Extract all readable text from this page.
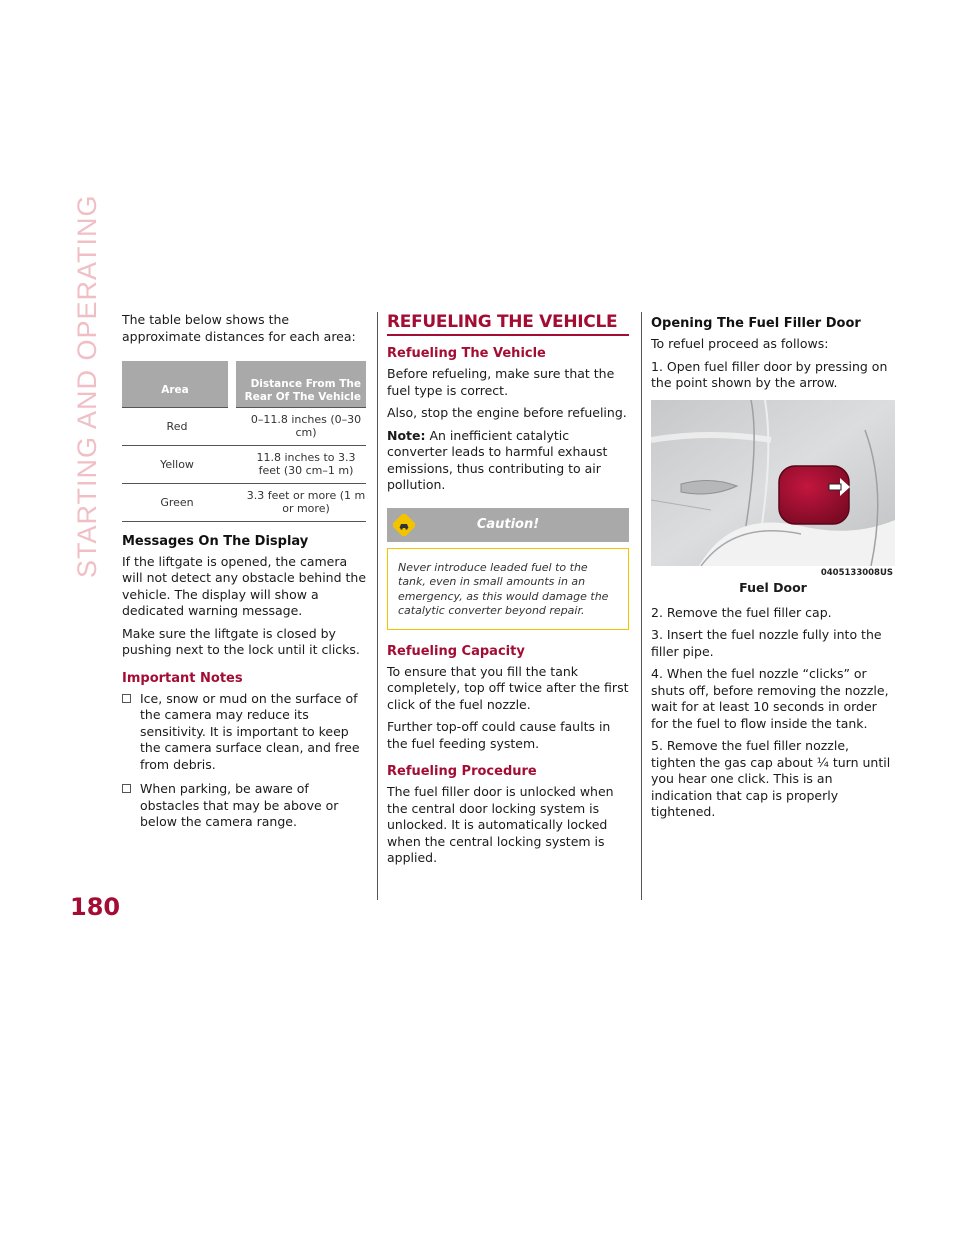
STARTING AND OPERATING
180

The table below shows the approximate distances for each area:

Area	Distance From The Rear Of The Vehicle
Red	0–11.8 inches (0–30 cm)
Yellow	11.8 inches to 3.3 feet (30 cm–1 m)
Green	3.3 feet or more (1 m or more)
Messages On The Display

If the liftgate is opened, the camera will not detect any obstacle behind the vehicle. The display will show a dedicated warning message.

Make sure the liftgate is closed by pushing next to the lock until it clicks.

Important Notes

Ice, snow or mud on the surface of the camera may reduce its sensitivity. It is important to keep the camera surface clean, and free from debris.

When parking, be aware of obstacles that may be above or below the camera range.

REFUELING THE VEHICLE
Refueling The Vehicle

Before refueling, make sure that the fuel type is correct.

Also, stop the engine before refueling.

Note: An inefficient catalytic converter leads to harmful exhaust emissions, thus contributing to air pollution.

Caution!
Never introduce leaded fuel to the tank, even in small amounts in an emergency, as this would damage the catalytic converter beyond repair.
Refueling Capacity

To ensure that you fill the tank completely, top off twice after the first click of the fuel nozzle.

Further top-off could cause faults in the fuel feeding system.

Refueling Procedure

The fuel filler door is unlocked when the central door locking system is unlocked. It is automatically locked when the central locking system is applied.

Opening The Fuel Filler Door

To refuel proceed as follows:

1. Open fuel filler door by pressing on the point shown by the arrow.

0405133008US
Fuel Door

2. Remove the fuel filler cap.

3. Insert the fuel nozzle fully into the filler pipe.

4. When the fuel nozzle “clicks” or shuts off, before removing the nozzle, wait for at least 10 seconds in order for the fuel to flow inside the tank.

5. Remove the fuel filler nozzle, tighten the gas cap about ¼ turn until you hear one click. This is an indication that cap is properly tightened.
